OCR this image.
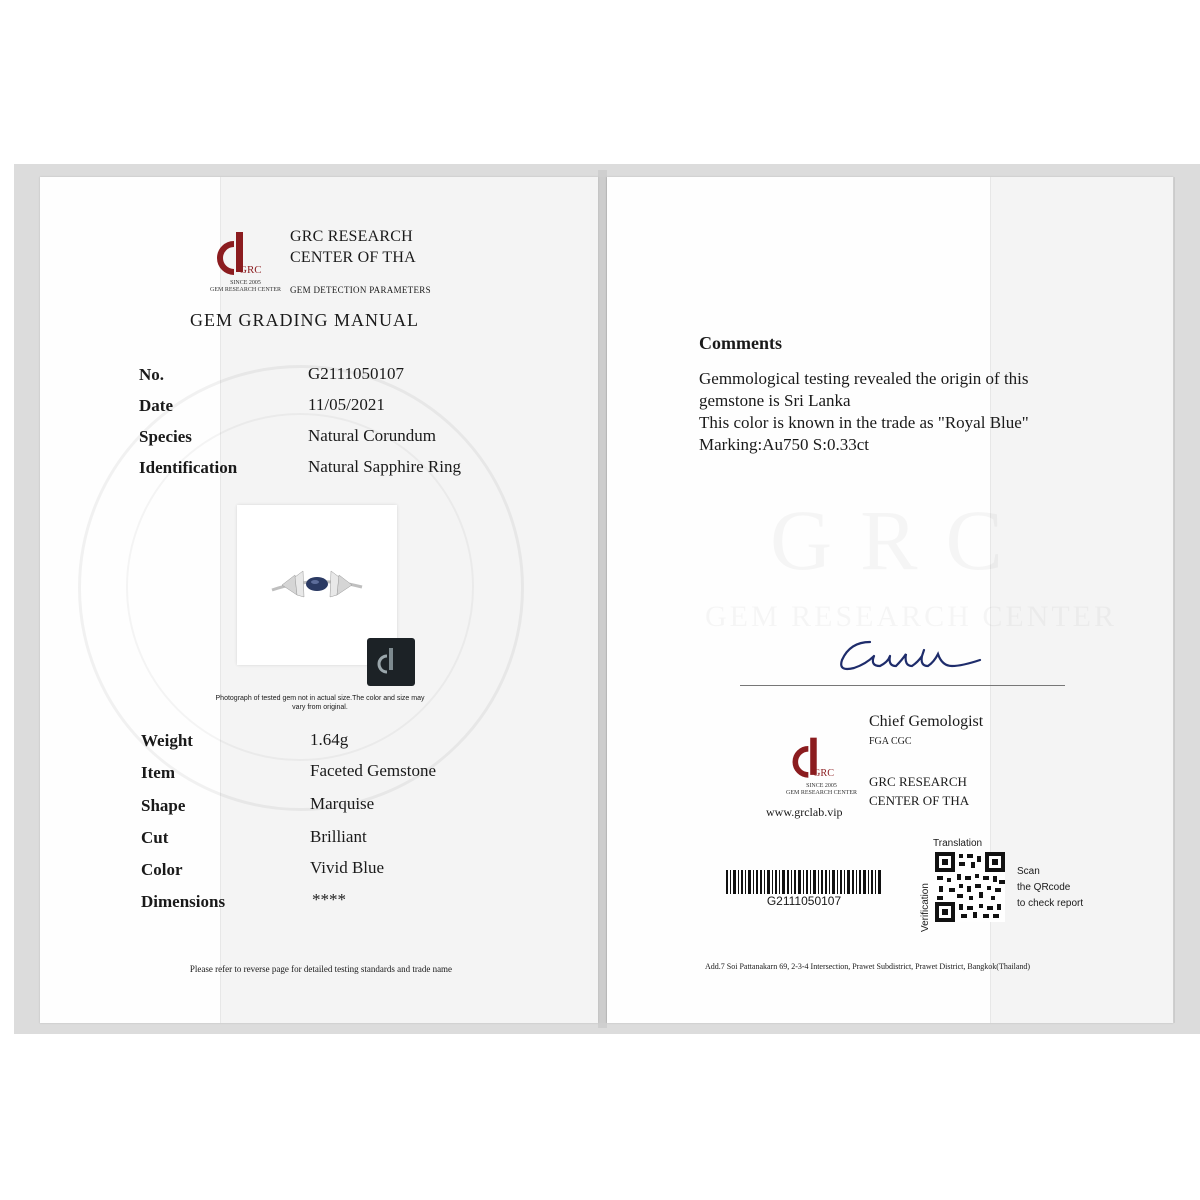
GRC
SINCE 2005
GEM RESEARCH CENTER
GRC RESEARCH
CENTER OF THA
GEM DETECTION PARAMETERS
GEM GRADING MANUAL
No.	G2111050107
Date	11/05/2021
Species	Natural Corundum
Identification	Natural Sapphire Ring
Photograph of tested gem not in actual size.The color and size may vary from original.
Weight	1.64g
Item	Faceted Gemstone
Shape	Marquise
Cut	Brilliant
Color	Vivid Blue
Dimensions	****
Please refer to reverse page for detailed testing standards and trade name
Comments
Gemmological testing revealed the origin of this
gemstone is Sri Lanka
This color is known in the trade as "Royal Blue"
Marking:Au750 S:0.33ct
Chief Gemologist
FGA CGC
GRC
SINCE 2005
GEM RESEARCH CENTER
GRC RESEARCH
CENTER OF THA
www.grclab.vip
G2111050107
Translation
Verification
Scan
the QRcode
to check report
Add.7 Soi Pattanakarn 69, 2-3-4 Intersection, Prawet Subdistrict, Prawet District, Bangkok(Thailand)
